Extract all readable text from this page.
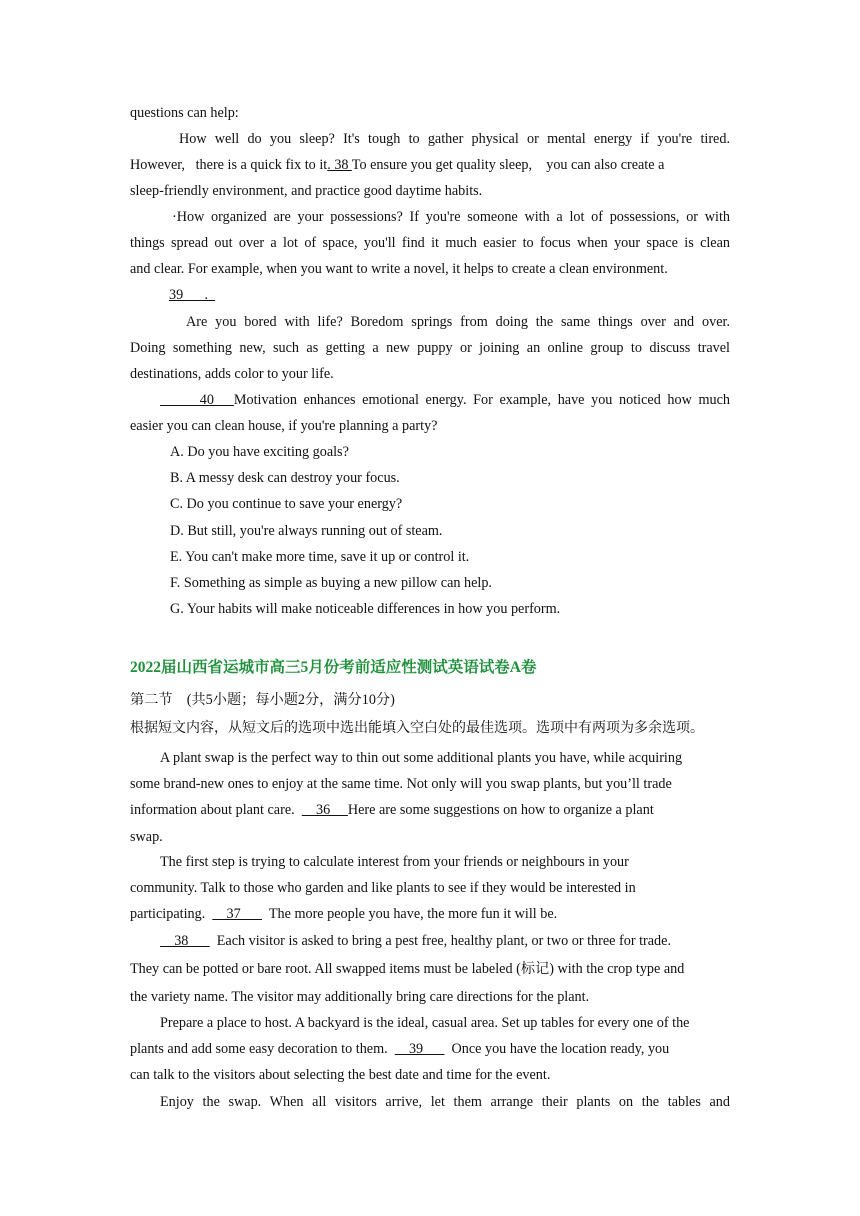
questions can help:
How well do you sleep? It's tough to gather physical or mental energy if you're tired.
However,   there is a quick fix to it. 38 To ensure you get quality sleep,    you can also create a
sleep-friendly environment, and practice good daytime habits.
·How organized are your possessions? If you're someone with a lot of possessions, or with
things spread out over a lot of space, you'll find it much easier to focus when your space is clean
and clear. For example, when you want to write a novel, it helps to create a clean environment.
39      .
Are you bored with life? Boredom springs from doing the same things over and over.
Doing something new, such as getting a new puppy or joining an online group to discuss travel
destinations, adds color to your life.
40   Motivation enhances emotional energy. For example, have you noticed how much
easier you can clean house, if you're planning a party?
A. Do you have exciting goals?
B. A messy desk can destroy your focus.
C. Do you continue to save your energy?
D. But still, you're always running out of steam.
E. You can't make more time, save it up or control it.
F. Something as simple as buying a new pillow can help.
G. Your habits will make noticeable differences in how you perform.
2022届山西省运城市高三5月份考前适应性测试英语试卷A卷
第二节    (共5小题；每小题2分，满分10分)
根据短文内容，从短文后的选项中选出能填入空白处的最佳选项。选项中有两项为多余选项。
A plant swap is the perfect way to thin out some additional plants you have, while acquiring
some brand-new ones to enjoy at the same time. Not only will you swap plants, but you’ll trade
information about plant care.      36     Here are some suggestions on how to organize a plant
swap.
The first step is trying to calculate interest from your friends or neighbours in your
community. Talk to those who garden and like plants to see if they would be interested in
participating.      37        The more people you have, the more fun it will be.
38        Each visitor is asked to bring a pest free, healthy plant, or two or three for trade.
They can be potted or bare root. All swapped items must be labeled (标记) with the crop type and
the variety name. The visitor may additionally bring care directions for the plant.
Prepare a place to host. A backyard is the ideal, casual area. Set up tables for every one of the
plants and add some easy decoration to them.      39        Once you have the location ready, you
can talk to the visitors about selecting the best date and time for the event.
Enjoy the swap. When all visitors arrive, let them arrange their plants on the tables and
